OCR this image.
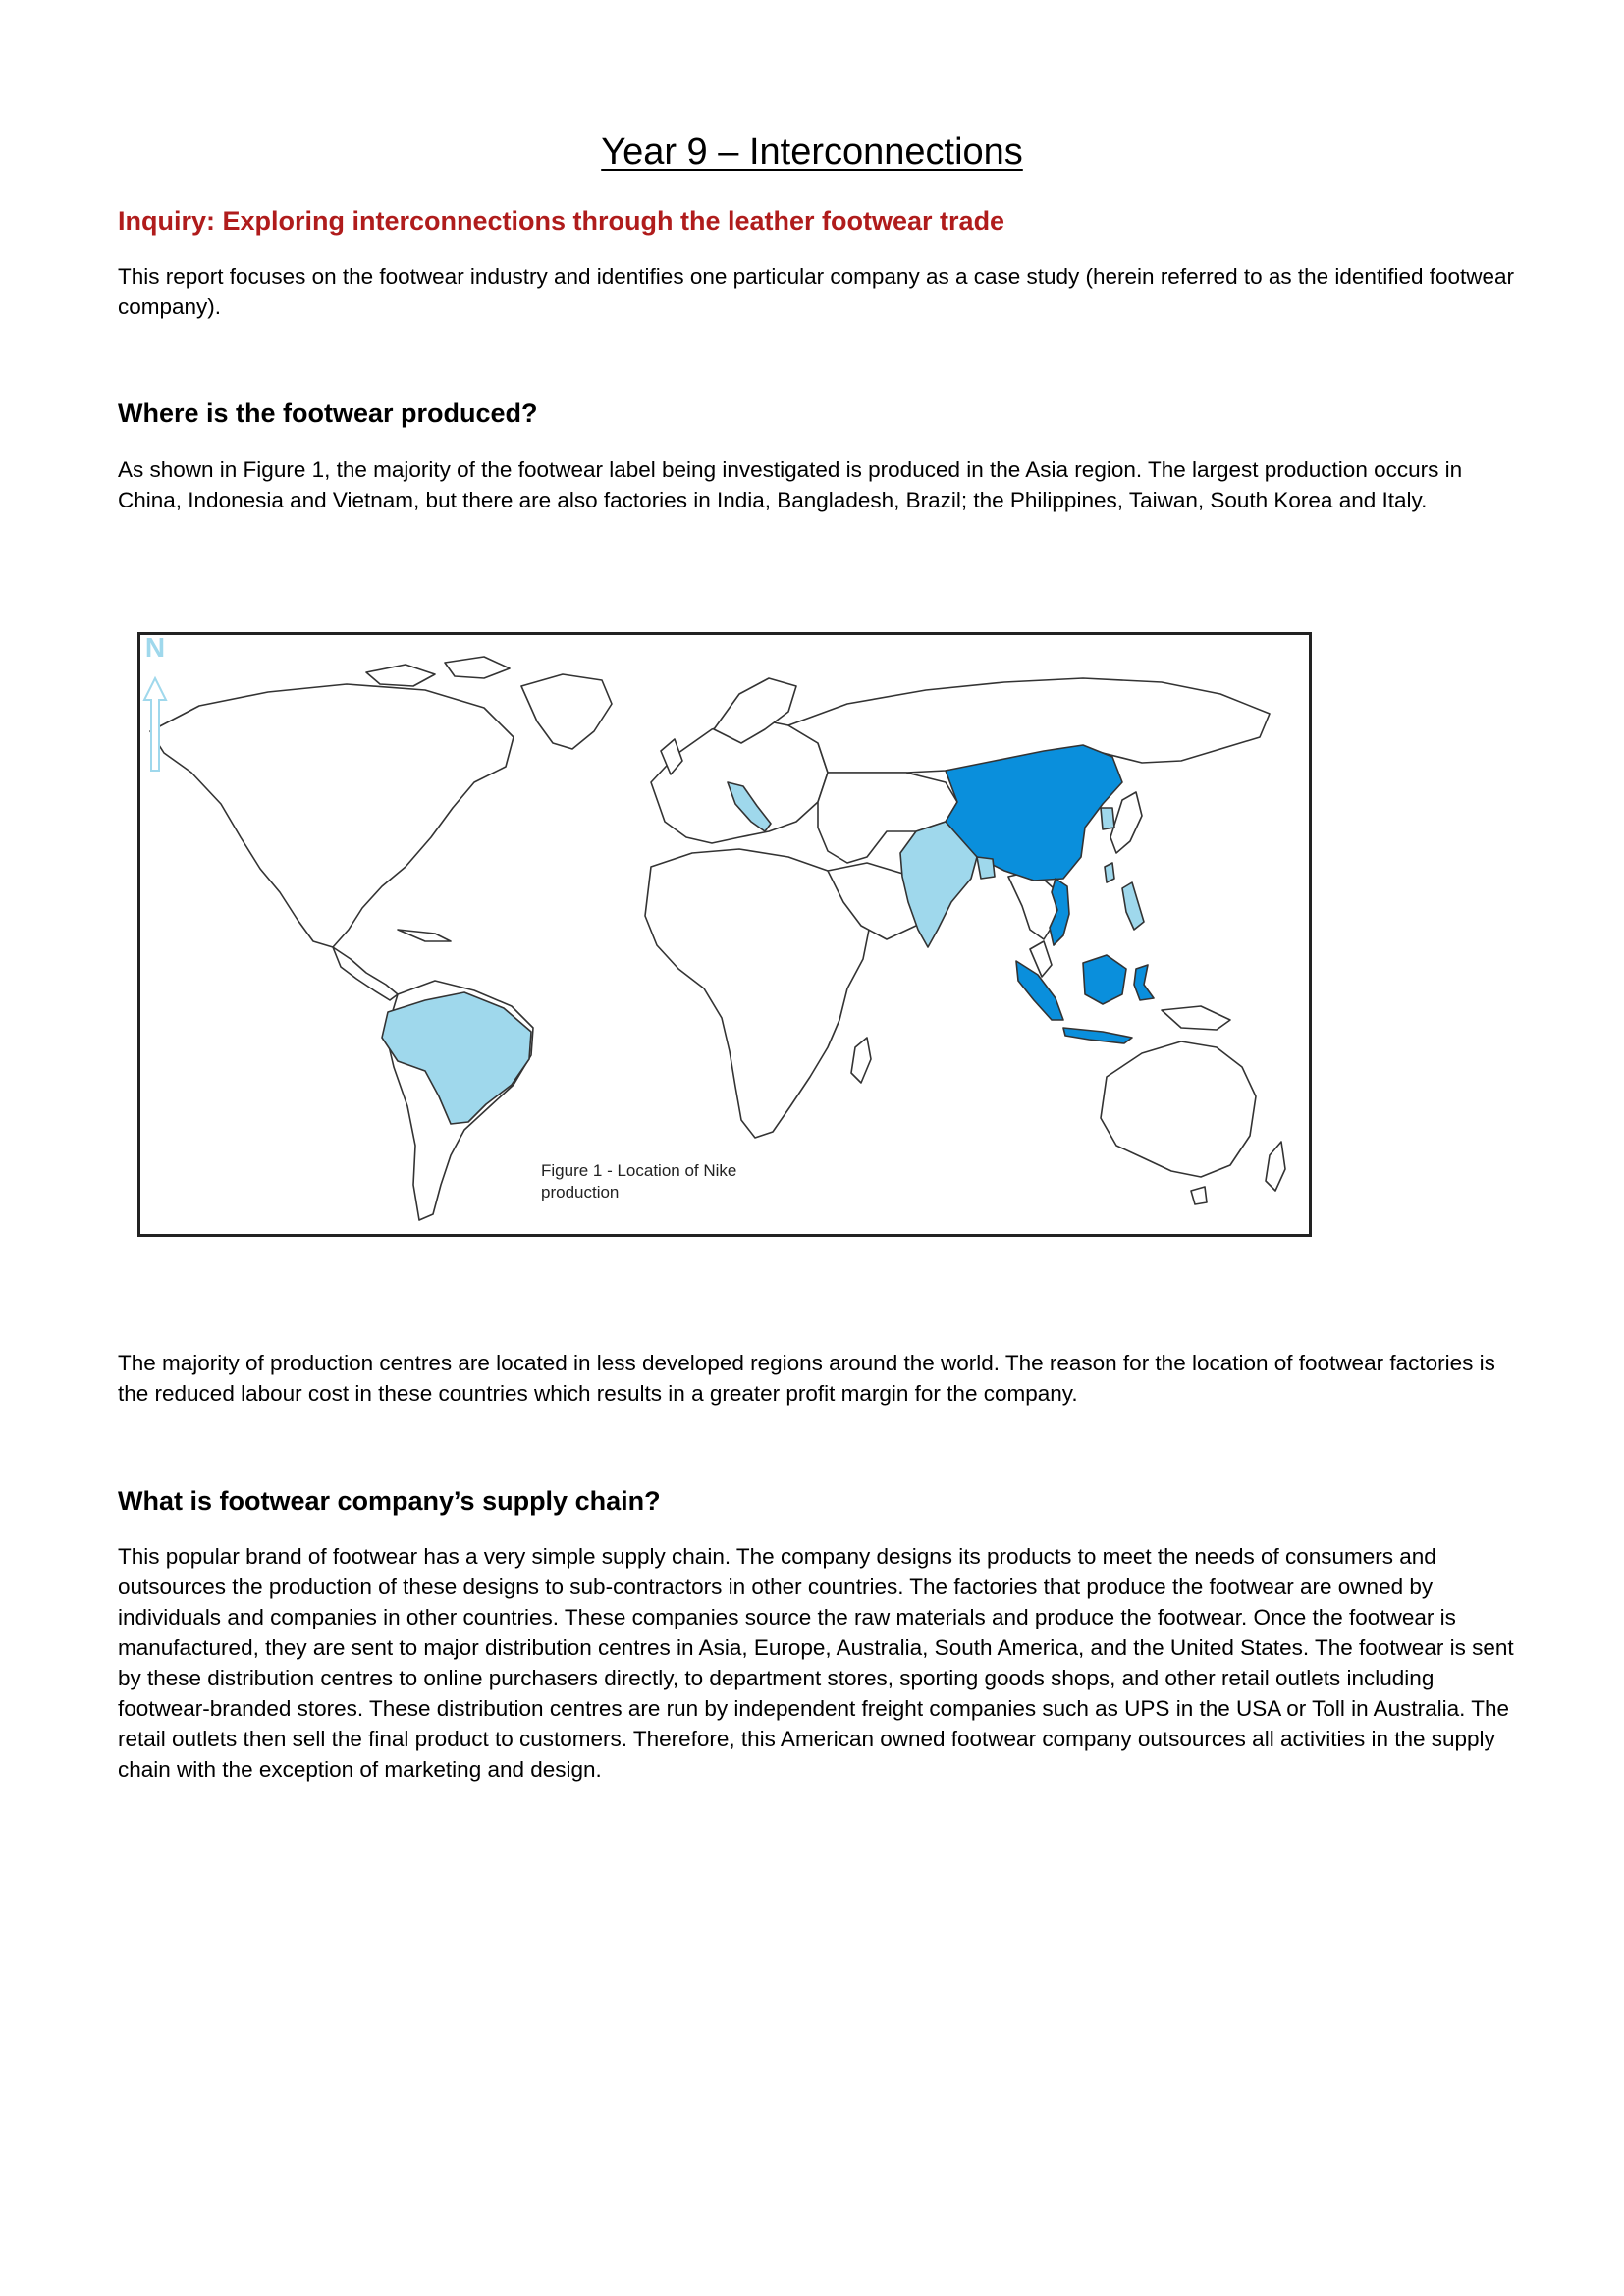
Year 9 – Interconnections

Inquiry: Exploring interconnections through the leather footwear trade

This report focuses on the footwear industry and identifies one particular company as a case study (herein referred to as the identified footwear company).

Where is the footwear produced?

As shown in Figure 1, the majority of the footwear label being investigated is produced in the Asia region. The largest production occurs in China, Indonesia and Vietnam, but there are also factories in India, Bangladesh, Brazil; the Philippines, Taiwan, South Korea and Italy.

N

Figure 1 - Location of Nike production

The majority of production centres are located in less developed regions around the world. The reason for the location of footwear factories is the reduced labour cost in these countries which results in a greater profit margin for the company.

What is footwear company’s supply chain?

This popular brand of footwear has a very simple supply chain. The company designs its products to meet the needs of consumers and outsources the production of these designs to sub-contractors in other countries. The factories that produce the footwear are owned by individuals and companies in other countries. These companies source the raw materials and produce the footwear. Once the footwear is manufactured, they are sent to major distribution centres in Asia, Europe, Australia, South America, and the United States. The footwear is sent by these distribution centres to online purchasers directly, to department stores, sporting goods shops, and other retail outlets including footwear-branded stores. These distribution centres are run by independent freight companies such as UPS in the USA or Toll in Australia. The retail outlets then sell the final product to customers. Therefore, this American owned footwear company outsources all activities in the supply chain with the exception of marketing and design.
